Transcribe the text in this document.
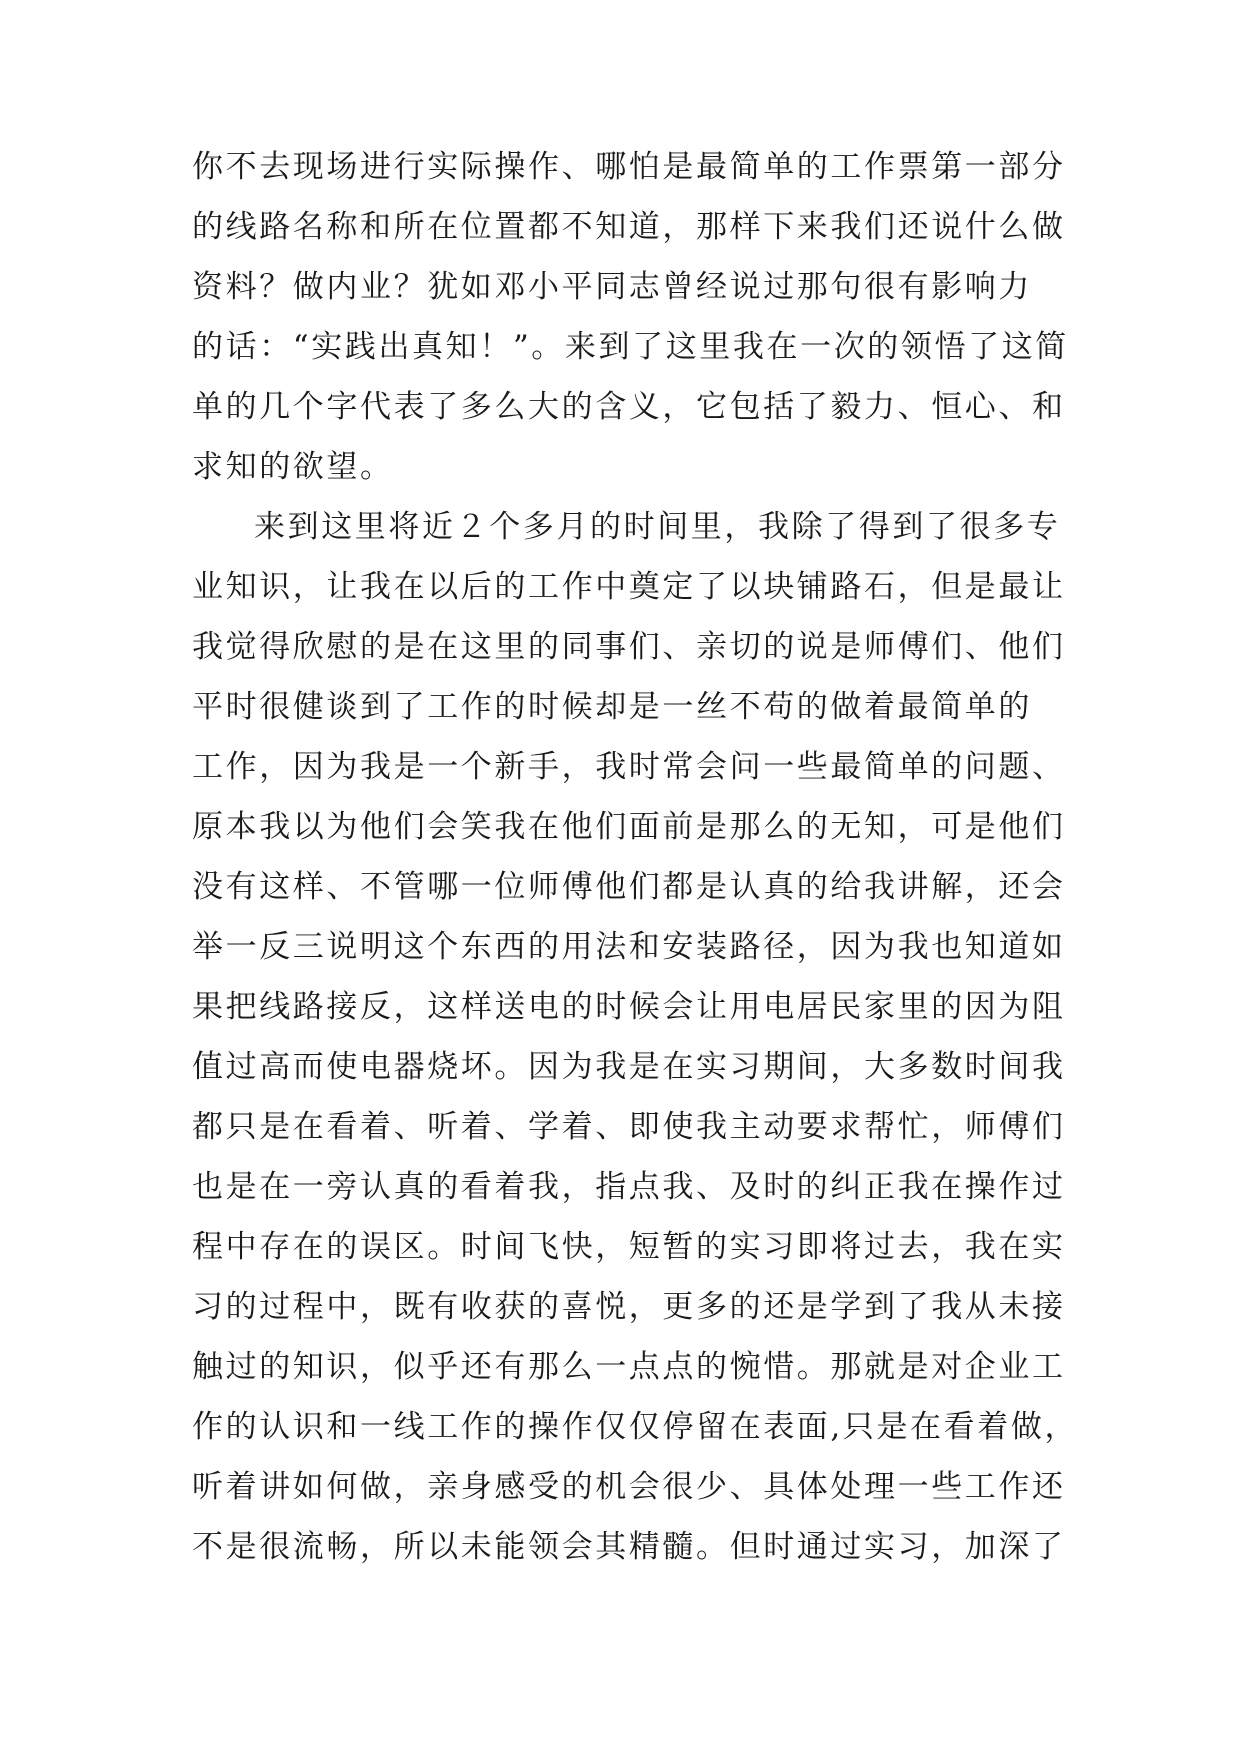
你不去现场进行实际操作、哪怕是最简单的工作票第一部分
的线路名称和所在位置都不知道，那样下来我们还说什么做
资料？做内业？犹如邓小平同志曾经说过那句很有影响力
的话：“实践出真知！”。来到了这里我在一次的领悟了这简
单的几个字代表了多么大的含义，它包括了毅力、恒心、和
求知的欲望。
来到这里将近２个多月的时间里，我除了得到了很多专
业知识，让我在以后的工作中奠定了以块铺路石，但是最让
我觉得欣慰的是在这里的同事们、亲切的说是师傅们、他们
平时很健谈到了工作的时候却是一丝不苟的做着最简单的
工作，因为我是一个新手，我时常会问一些最简单的问题、
原本我以为他们会笑我在他们面前是那么的无知，可是他们
没有这样、不管哪一位师傅他们都是认真的给我讲解，还会
举一反三说明这个东西的用法和安装路径，因为我也知道如
果把线路接反，这样送电的时候会让用电居民家里的因为阻
值过高而使电器烧坏。因为我是在实习期间，大多数时间我
都只是在看着、听着、学着、即使我主动要求帮忙，师傅们
也是在一旁认真的看着我，指点我、及时的纠正我在操作过
程中存在的误区。时间飞快，短暂的实习即将过去，我在实
习的过程中，既有收获的喜悦，更多的还是学到了我从未接
触过的知识，似乎还有那么一点点的惋惜。那就是对企业工
作的认识和一线工作的操作仅仅停留在表面,只是在看着做，
听着讲如何做，亲身感受的机会很少、具体处理一些工作还
不是很流畅，所以未能领会其精髓。但时通过实习，加深了
